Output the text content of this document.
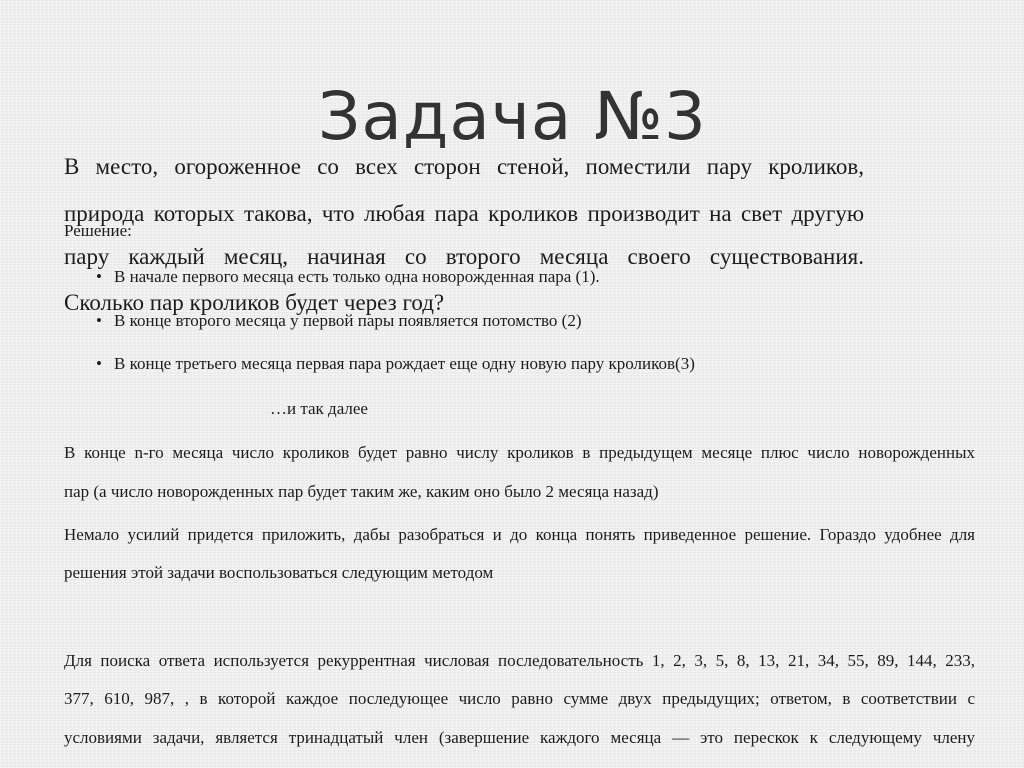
Задача №3
В место, огороженное со всех сторон стеной, поместили пару кроликов,
природа которых такова, что любая пара кроликов производит на свет другую
Решение:
пару каждый месяц, начиная со второго месяца своего существования.
• В начале первого месяца есть только одна новорожденная пара (1).
Сколько пар кроликов будет через год?
• В конце второго месяца у первой пары появляется потомство (2)
• В конце третьего месяца первая пара рождает еще одну новую пару кроликов(3)
…и так далее
В конце n-го месяца число кроликов будет равно числу кроликов в предыдущем месяце плюс число новорожденных
пар (а число новорожденных пар будет таким же, каким оно было 2 месяца назад)
Немало усилий придется приложить, дабы разобраться и до конца понять приведенное решение. Гораздо удобнее для
решения этой задачи воспользоваться следующим методом
Для поиска ответа используется рекуррентная числовая последовательность 1, 2, 3, 5, 8, 13, 21, 34, 55, 89, 144, 233,
377, 610, 987, , в которой каждое последующее число равно сумме двух предыдущих; ответом, в соответствии с
условиями задачи, является тринадцатый член (завершение каждого месяца — это перескок к следующему члену
